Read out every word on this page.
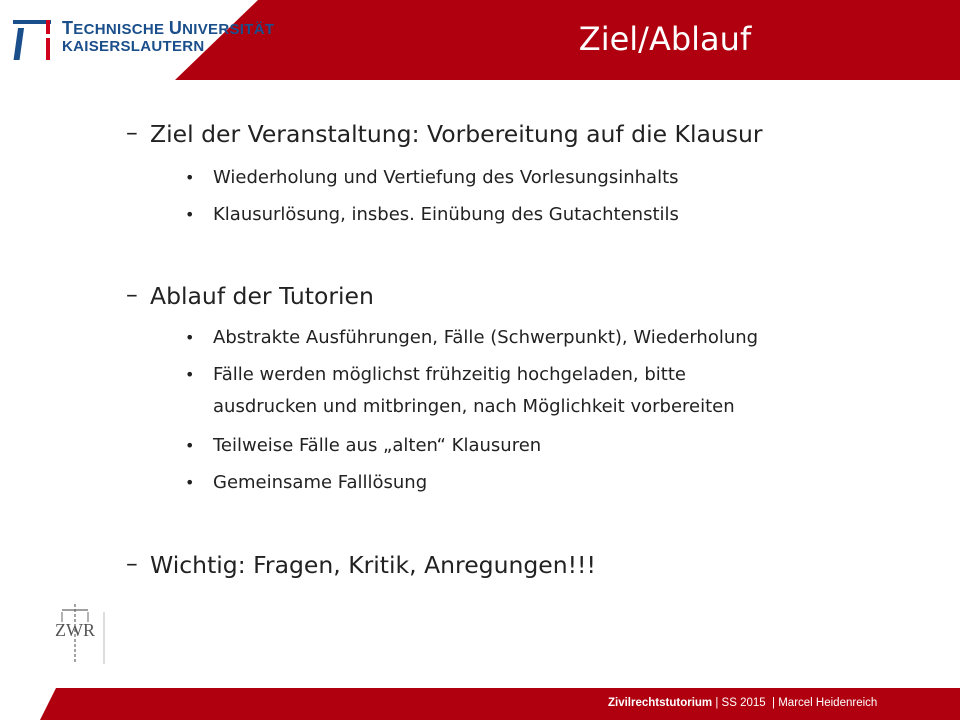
TECHNISCHE UNIVERSITÄT
KAISERSLAUTERN	Ziel/Ablauf
– Ziel der Veranstaltung: Vorbereitung auf die Klausur
• Wiederholung und Vertiefung des Vorlesungsinhalts
• Klausurlösung, insbes. Einübung des Gutachtenstils
– Ablauf der Tutorien
• Abstrakte Ausführungen, Fälle (Schwerpunkt), Wiederholung
• Fälle werden möglichst frühzeitig hochgeladen, bitte
ausdrucken und mitbringen, nach Möglichkeit vorbereiten
• Teilweise Fälle aus „alten“ Klausuren
• Gemeinsame Falllösung
– Wichtig: Fragen, Kritik, Anregungen!!!
ZWR
Zivilrechtstutorium | SS 2015  | Marcel Heidenreich
